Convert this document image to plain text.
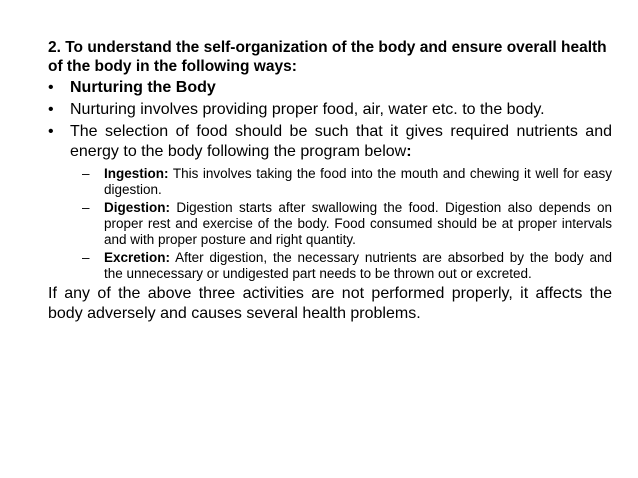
2. To understand the self-organization of the body and ensure overall health of the body in the following ways:
• Nurturing the Body
• Nurturing involves providing proper food, air, water etc. to the body.
• The selection of food should be such that it gives required nutrients and energy to the body following the program below:
– Ingestion: This involves taking the food into the mouth and chewing it well for easy digestion.
– Digestion: Digestion starts after swallowing the food. Digestion also depends on proper rest and exercise of the body. Food consumed should be at proper intervals and with proper posture and right quantity.
– Excretion: After digestion, the necessary nutrients are absorbed by the body and the unnecessary or undigested part needs to be thrown out or excreted.

If any of the above three activities are not performed properly, it affects the body adversely and causes several health problems.
